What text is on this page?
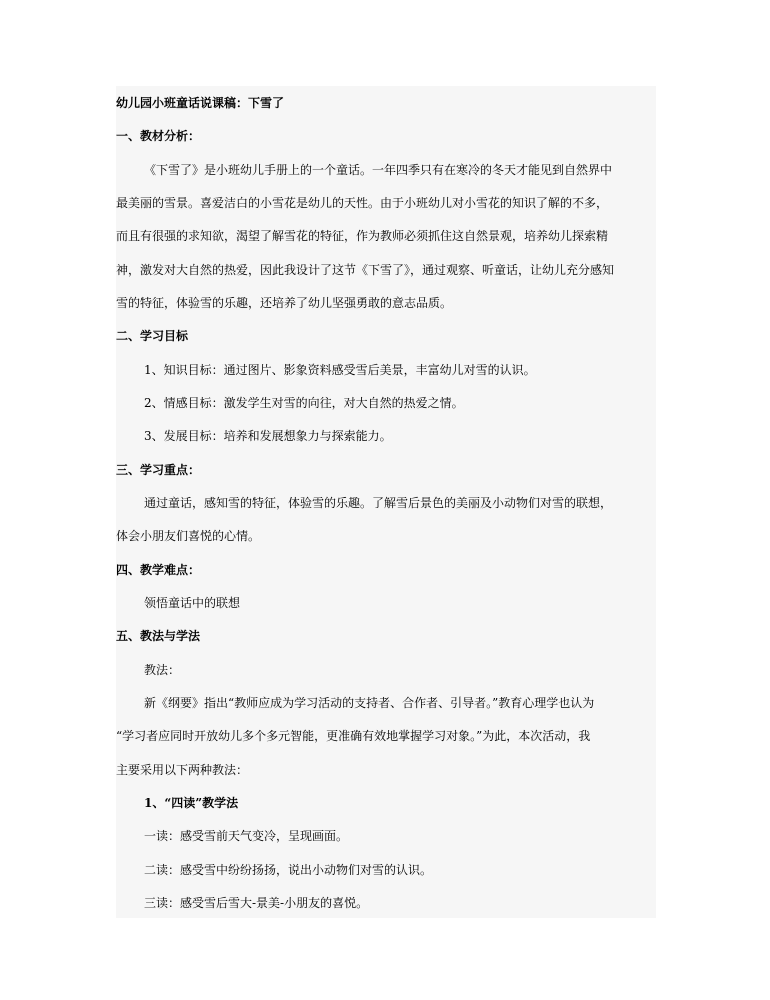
幼儿园小班童话说课稿：下雪了
一、教材分析：
《下雪了》是小班幼儿手册上的一个童话。一年四季只有在寒冷的冬天才能见到自然界中
最美丽的雪景。喜爱洁白的小雪花是幼儿的天性。由于小班幼儿对小雪花的知识了解的不多，
而且有很强的求知欲，渴望了解雪花的特征，作为教师必须抓住这自然景观，培养幼儿探索精
神，激发对大自然的热爱，因此我设计了这节《下雪了》，通过观察、听童话，让幼儿充分感知
雪的特征，体验雪的乐趣，还培养了幼儿坚强勇敢的意志品质。
二、学习目标
1、知识目标：通过图片、影象资料感受雪后美景，丰富幼儿对雪的认识。
2、情感目标：激发学生对雪的向往，对大自然的热爱之情。
3、发展目标：培养和发展想象力与探索能力。
三、学习重点：
通过童话，感知雪的特征，体验雪的乐趣。了解雪后景色的美丽及小动物们对雪的联想，
体会小朋友们喜悦的心情。
四、教学难点：
领悟童话中的联想
五、教法与学法
教法：
新《纲要》指出“教师应成为学习活动的支持者、合作者、引导者。”教育心理学也认为
“学习者应同时开放幼儿多个多元智能，更准确有效地掌握学习对象。”为此，本次活动，我
主要采用以下两种教法：
1、“四读”教学法
一读：感受雪前天气变冷，呈现画面。
二读：感受雪中纷纷扬扬，说出小动物们对雪的认识。
三读：感受雪后雪大-景美-小朋友的喜悦。
